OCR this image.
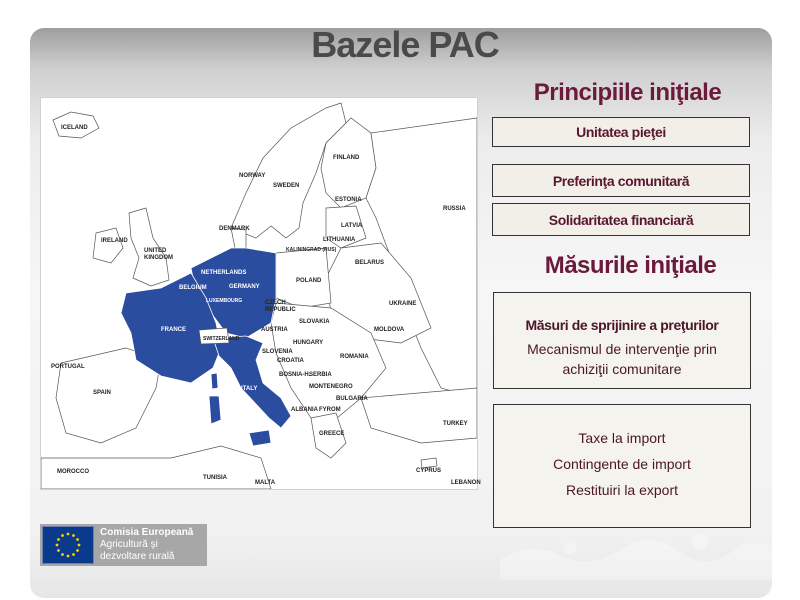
Bazele PAC
ICELAND
FINLAND
NORWAY
SWEDEN
ESTONIA
RUSSIA
DENMARK	LATVIA
IRELAND	LITHUANIA
KALININGRAD (RUS)
UNITED KINGDOM
NETHERLANDS
BELARUS
BELGIUM	GERMANY
POLAND
LUXEMBOURG	CZECH REPUBLIC
UKRAINE
FRANCE
SLOVAKIA
AUSTRIA	MOLDOVA
SWITZERLAND
HUNGARY
SLOVENIA
ROMANIA
CROATIA
PORTUGAL
BOSNIA-H.
SERBIA
MONTENEGRO
SPAIN
ITALY
BULGARIA
ALBANIA FYROM
TURKEY
GREECE
MOROCCO
TUNISIA
CYPRUS
MALTA	LEBANON
Principiile iniţiale
Unitatea pieţei
Preferinţa comunitară
Solidaritatea financiară
Măsurile iniţiale
Măsuri de sprijinire a preţurilor
Mecanismul de intervenţie prin
achiziţii comunitare
Taxe la import
Contingente de import
Restituiri la export
Comisia Europeană
Agricultură şi
dezvoltare rurală
